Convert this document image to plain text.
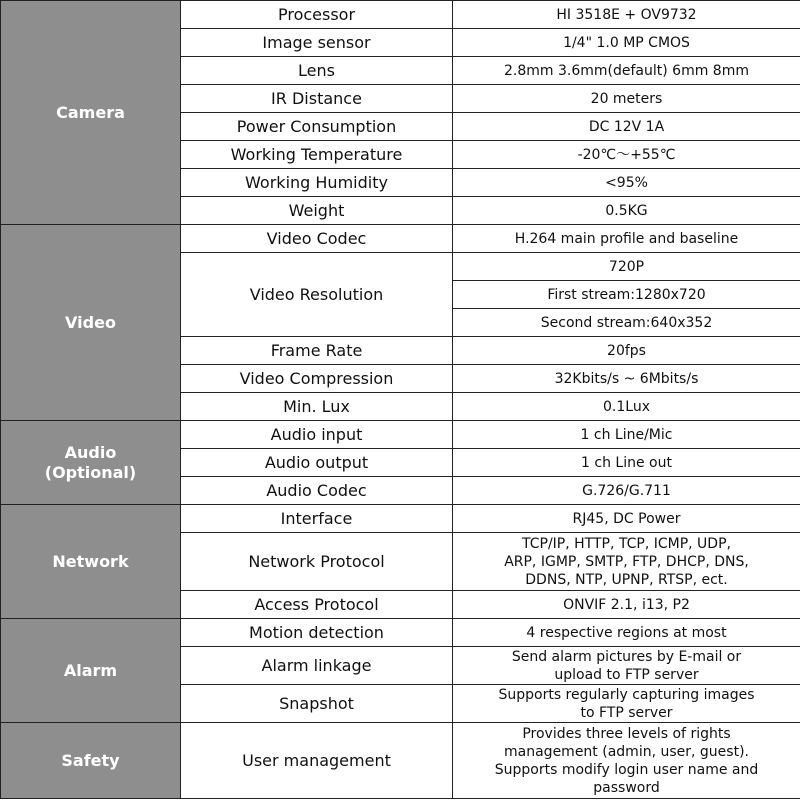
Camera	Processor	HI 3518E + OV9732
	Image sensor	1/4" 1.0 MP CMOS
	Lens	2.8mm 3.6mm(default) 6mm 8mm
	IR Distance	20 meters
	Power Consumption	DC 12V 1A
	Working Temperature	-20℃～+55℃
	Working Humidity	<95%
	Weight	0.5KG
Video	Video Codec	H.264 main profile and baseline
	Video Resolution	720P
		First stream:1280x720
		Second stream:640x352
	Frame Rate	20fps
	Video Compression	32Kbits/s ~ 6Mbits/s
	Min. Lux	0.1Lux

Audio
(Optional)	Audio input	1 ch Line/Mic
	Audio output	1 ch Line out
	Audio Codec	G.726/G.711
Network	Interface	RJ45, DC Power
	Network Protocol	TCP/IP, HTTP, TCP, ICMP, UDP,
ARP, IGMP, SMTP, FTP, DHCP, DNS,
DDNS, NTP, UPNP, RTSP, ect.

	Access Protocol	ONVIF 2.1, i13, P2
Alarm	Motion detection	4 respective regions at most
	Alarm linkage	Send alarm pictures by E-mail or
upload to FTP server

	Snapshot	Supports regularly capturing images
to FTP server

Safety	User management	Provides three levels of rights
management (admin, user, guest).
Supports modify login user name and
password
